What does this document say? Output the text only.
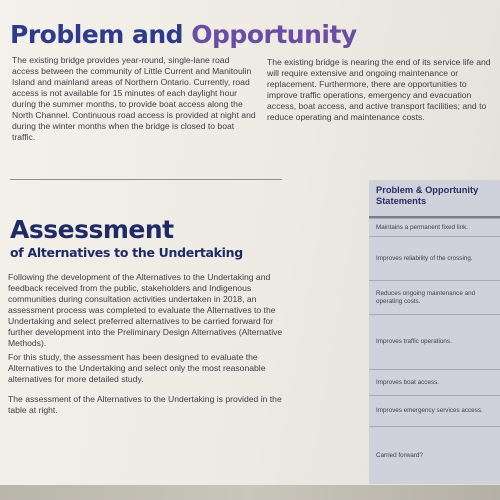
Problem and Opportunity
The existing bridge provides year-round, single-lane road access between the community of Little Current and Manitoulin Island and mainland areas of Northern Ontario. Currently, road access is not available for 15 minutes of each daylight hour during the summer months, to provide boat access along the North Channel. Continuous road access is provided at night and during the winter months when the bridge is closed to boat traffic.
The existing bridge is nearing the end of its service life and will require extensive and ongoing maintenance or replacement. Furthermore, there are opportunities to improve traffic operations, emergency and evacuation access, boat access, and active transport facilities; and to reduce operating and maintenance costs.
Assessment
of Alternatives to the Undertaking
Following the development of the Alternatives to the Undertaking and feedback received from the public, stakeholders and Indigenous communities during consultation activities undertaken in 2018, an assessment process was completed to evaluate the Alternatives to the Undertaking and select preferred alternatives to be carried forward for further development into the Preliminary Design Alternatives (Alternative Methods).
For this study, the assessment has been designed to evaluate the Alternatives to the Undertaking and select only the most reasonable alternatives for more detailed study.
The assessment of the Alternatives to the Undertaking is provided in the table at right.
Problem & Opportunity Statements
Maintains a permanent fixed link.
Improves reliability of the crossing.
Reduces ongoing maintenance and operating costs.
Improves traffic operations.
Improves boat access.
Improves emergency services access.
Carried forward?
